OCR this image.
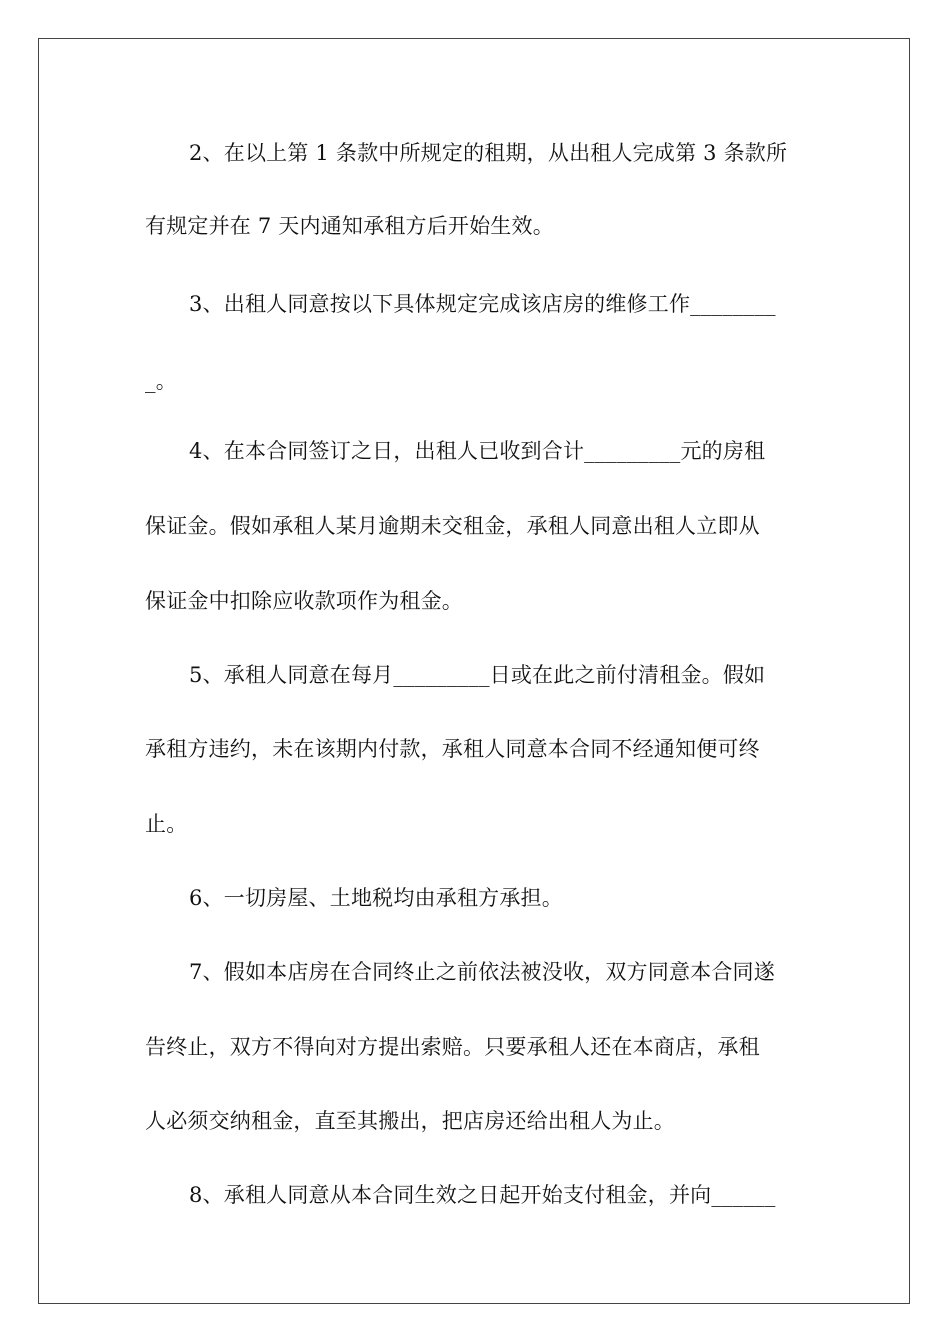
2、在以上第 1 条款中所规定的租期，从出租人完成第 3 条款所
有规定并在 7 天内通知承租方后开始生效。
3、出租人同意按以下具体规定完成该店房的维修工作________
_。
4、在本合同签订之日，出租人已收到合计_________元的房租
保证金。假如承租人某月逾期未交租金，承租人同意出租人立即从
保证金中扣除应收款项作为租金。
5、承租人同意在每月_________日或在此之前付清租金。假如
承租方违约，未在该期内付款，承租人同意本合同不经通知便可终
止。
6、一切房屋、土地税均由承租方承担。
7、假如本店房在合同终止之前依法被没收，双方同意本合同遂
告终止，双方不得向对方提出索赔。只要承租人还在本商店，承租
人必须交纳租金，直至其搬出，把店房还给出租人为止。
8、承租人同意从本合同生效之日起开始支付租金，并向______
